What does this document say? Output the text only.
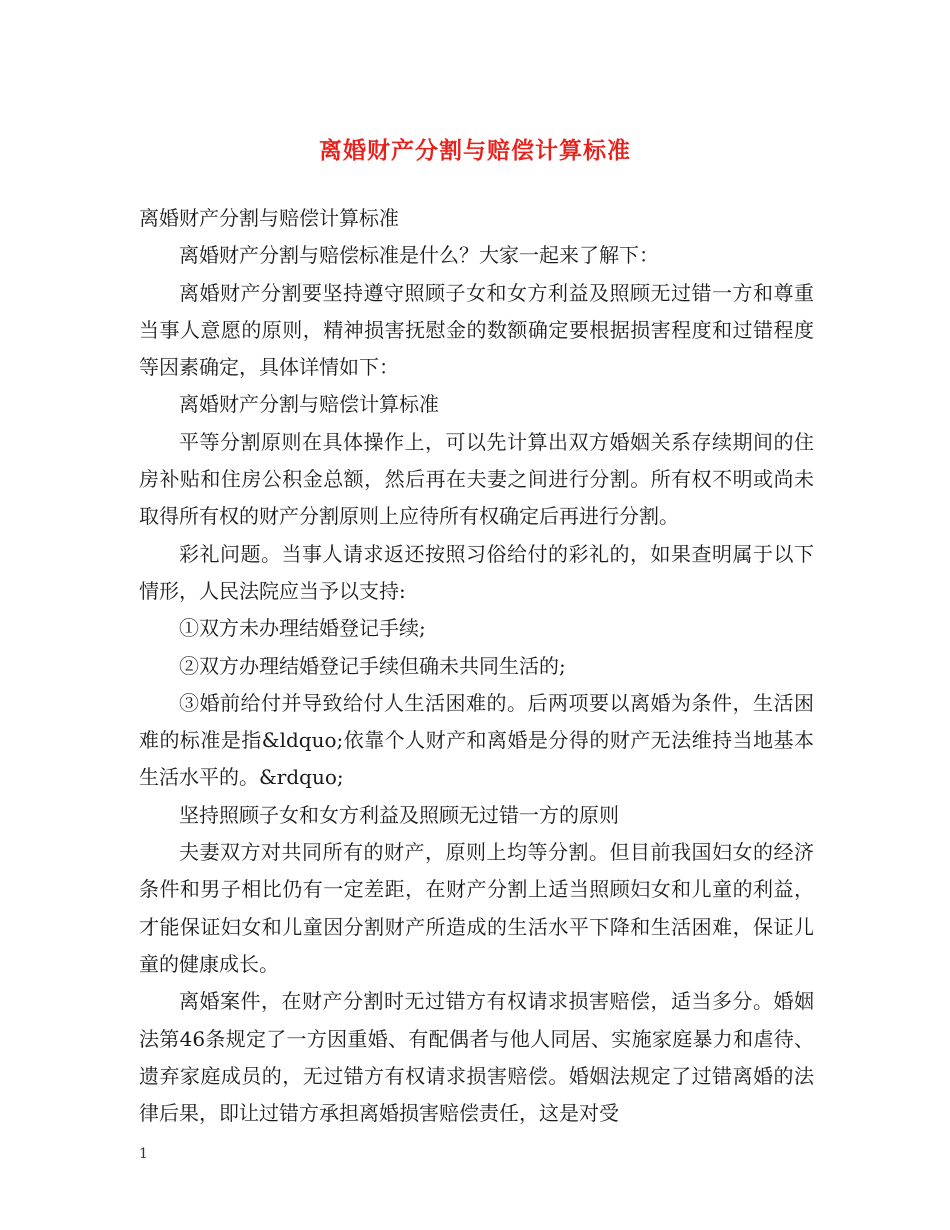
离婚财产分割与赔偿计算标准

离婚财产分割与赔偿计算标准

离婚财产分割与赔偿标准是什么？大家一起来了解下：

离婚财产分割要坚持遵守照顾子女和女方利益及照顾无过错一方和尊重当事人意愿的原则，精神损害抚慰金的数额确定要根据损害程度和过错程度等因素确定，具体详情如下：

离婚财产分割与赔偿计算标准

平等分割原则在具体操作上，可以先计算出双方婚姻关系存续期间的住房补贴和住房公积金总额，然后再在夫妻之间进行分割。所有权不明或尚未取得所有权的财产分割原则上应待所有权确定后再进行分割。

彩礼问题。当事人请求返还按照习俗给付的彩礼的，如果查明属于以下情形，人民法院应当予以支持:

①双方未办理结婚登记手续;

②双方办理结婚登记手续但确未共同生活的;

③婚前给付并导致给付人生活困难的。后两项要以离婚为条件，生活困难的标准是指&ldquo;依靠个人财产和离婚是分得的财产无法维持当地基本生活水平的。&rdquo;

坚持照顾子女和女方利益及照顾无过错一方的原则

夫妻双方对共同所有的财产，原则上均等分割。但目前我国妇女的经济条件和男子相比仍有一定差距，在财产分割上适当照顾妇女和儿童的利益，才能保证妇女和儿童因分割财产所造成的生活水平下降和生活困难，保证儿童的健康成长。

离婚案件，在财产分割时无过错方有权请求损害赔偿，适当多分。婚姻法第46条规定了一方因重婚、有配偶者与他人同居、实施家庭暴力和虐待、遗弃家庭成员的，无过错方有权请求损害赔偿。婚姻法规定了过错离婚的法律后果，即让过错方承担离婚损害赔偿责任，这是对受

1
